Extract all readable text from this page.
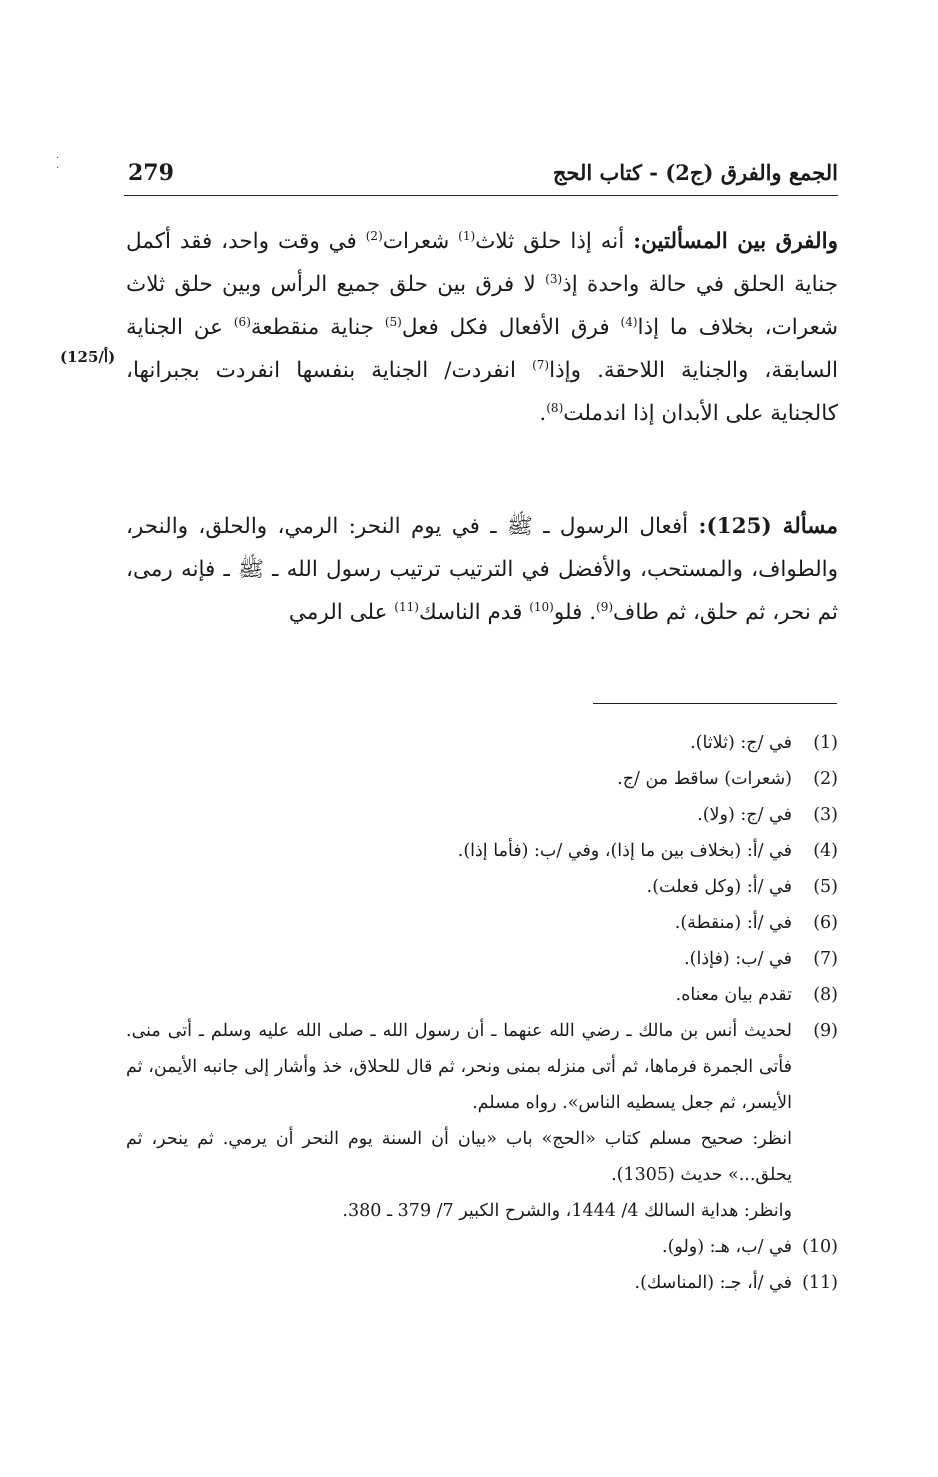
·
·	الجمع والفرق (ج2) - كتاب الحج
279
(125/أ)
والفرق بين المسألتين: أنه إذا حلق ثلاث$^{(1)}$ شعرات$^{(2)}$ في وقت واحد، فقد أكمل جناية الحلق في حالة واحدة إذ$^{(3)}$ لا فرق بين حلق جميع الرأس وبين حلق ثلاث شعرات، بخلاف ما إذا$^{(4)}$ فرق الأفعال فكل فعل$^{(5)}$ جناية منقطعة$^{(6)}$ عن الجناية السابقة، والجناية اللاحقة. وإذا$^{(7)}$ انفردت/ الجناية بنفسها انفردت بجبرانها، كالجناية على الأبدان إذا اندملت$^{(8)}$.
مسألة (125): أفعال الرسول ـ ﷺ ـ في يوم النحر: الرمي، والحلق، والنحر، والطواف، والمستحب، والأفضل في الترتيب ترتيب رسول الله ـ ﷺ ـ فإنه رمى، ثم نحر، ثم حلق، ثم طاف$^{(9)}$. فلو$^{(10)}$ قدم الناسك$^{(11)}$ على الرمي
(1)
في /ج: (ثلاثا).
(2)
(شعرات) ساقط من /ج.
(3)
في /ج: (ولا).
(4)
في /أ: (بخلاف بين ما إذا)، وفي /ب: (فأما إذا).
(5)
في /أ: (وكل فعلت).
(6)
في /أ: (منقطة).
(7)
في /ب: (فإذا).
(8)
تقدم بيان معناه.
(9)
لحديث أنس بن مالك ـ رضي الله عنهما ـ أن رسول الله ـ صلى الله عليه وسلم ـ أتى منى. فأتى الجمرة فرماها، ثم أتى منزله بمنى ونحر، ثم قال للحلاق، خذ وأشار إلى جانبه الأيمن، ثم الأيسر، ثم جعل يسطيه الناس». رواه مسلم.
انظر: صحيح مسلم كتاب «الحج» باب «بيان أن السنة يوم النحر أن يرمي. ثم ينحر، ثم يحلق...» حديث (1305).
وانظر: هداية السالك 4/ 1444، والشرح الكبير 7/ 379 ـ 380.
(10)
في /ب، هـ: (ولو).
(11)
في /أ، جـ: (المناسك).
